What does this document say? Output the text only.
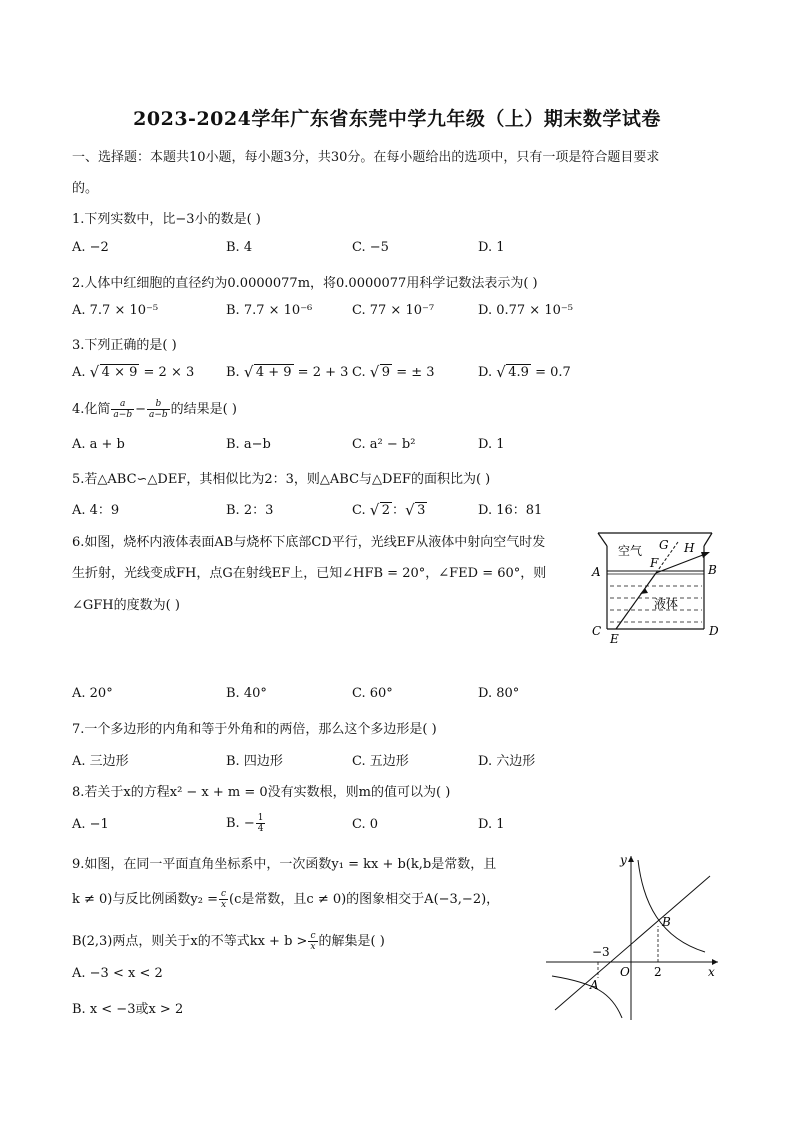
2023-2024学年广东省东莞中学九年级（上）期末数学试卷
一、选择题：本题共10小题，每小题3分，共30分。在每小题给出的选项中，只有一项是符合题目要求
的。
1.下列实数中，比−3小的数是( )
A. −2	B. 4	C. −5	D. 1
2.人体中红细胞的直径约为0.0000077m，将0.0000077用科学记数法表示为( )
A. 7.7 × 10⁻⁵	B. 7.7 × 10⁻⁶	C. 77 × 10⁻⁷	D. 0.77 × 10⁻⁵
3.下列正确的是( )
A. √ 4 × 9 = 2 × 3 B. √ 4 + 9 = 2 + 3 C. √ 9 = ± 3	D. √ 4.9 = 0.7
4.化简 $\frac{a}{a-b} - \frac{b}{a-b}$ 的结果是( )
A. a + b	B. a−b	C. a² − b²	D. 1
5.若△ABC∽△DEF，其相似比为2：3，则△ABC与△DEF的面积比为( )
A. 4：9	B. 2：3	C. √ 2 ： √ 3	D. 16：81
6.如图，烧杯内液体表面AB与烧杯下底部CD平行，光线EF从液体中射向空气时发
生折射，光线变成FH，点G在射线EF上，已知∠HFB = 20°，∠FED = 60°，则
∠GFH的度数为( )
空气
液体
A	B
C	D
E
F
G H
A. 20°	B. 40°	C. 60°	D. 80°
7.一个多边形的内角和等于外角和的两倍，那么这个多边形是( )
A. 三边形	B. 四边形	C. 五边形	D. 六边形
8.若关于x的方程x² − x + m = 0没有实数根，则m的值可以为( )
A. −1	B. − $\frac{1}{4}$	C. 0	D. 1
9.如图，在同一平面直角坐标系中，一次函数y₁ = kx + b(k,b是常数，且
k ≠ 0)与反比例函数$y_2 = \frac{c}{x} (c$是常数，且c ≠ 0)的图象相交于A(−3,−2)，
B(2,3)两点，则关于x的不等式kx + $b > \frac{c}{x}$ 的解集是( )
A. −3 < x < 2
B. x < −3或x > 2
y
x
O
A
B
−3
2
